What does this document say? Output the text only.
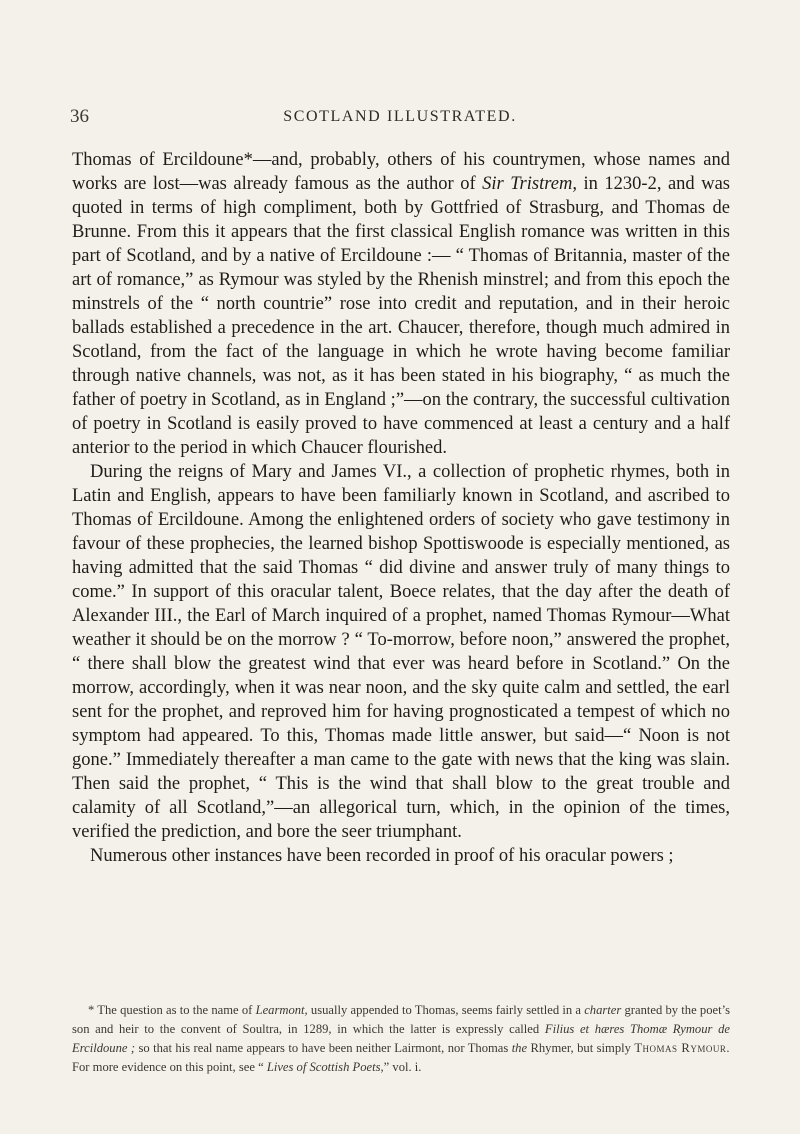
36	SCOTLAND ILLUSTRATED.

Thomas of Ercildoune*—and, probably, others of his countrymen, whose names and works are lost—was already famous as the author of Sir Tristrem, in 1230-2, and was quoted in terms of high compliment, both by Gottfried of Strasburg, and Thomas de Brunne. From this it appears that the first classical English romance was written in this part of Scotland, and by a native of Ercildoune :— “ Thomas of Britannia, master of the art of romance,” as Rymour was styled by the Rhenish minstrel; and from this epoch the minstrels of the “ north countrie” rose into credit and reputation, and in their heroic ballads established a precedence in the art. Chaucer, therefore, though much admired in Scotland, from the fact of the language in which he wrote having become familiar through native channels, was not, as it has been stated in his biography, “ as much the father of poetry in Scotland, as in England ;”—on the contrary, the successful cultivation of poetry in Scotland is easily proved to have commenced at least a century and a half anterior to the period in which Chaucer flourished.

During the reigns of Mary and James VI., a collection of prophetic rhymes, both in Latin and English, appears to have been familiarly known in Scotland, and ascribed to Thomas of Ercildoune. Among the enlightened orders of society who gave testimony in favour of these prophecies, the learned bishop Spottiswoode is especially mentioned, as having admitted that the said Thomas “ did divine and answer truly of many things to come.” In support of this oracular talent, Boece relates, that the day after the death of Alexander III., the Earl of March inquired of a prophet, named Thomas Rymour—What weather it should be on the morrow ? “ To-morrow, before noon,” answered the prophet, “ there shall blow the greatest wind that ever was heard before in Scotland.” On the morrow, accordingly, when it was near noon, and the sky quite calm and settled, the earl sent for the prophet, and reproved him for having prognosticated a tempest of which no symptom had appeared. To this, Thomas made little answer, but said—“ Noon is not gone.” Immediately thereafter a man came to the gate with news that the king was slain. Then said the prophet, “ This is the wind that shall blow to the great trouble and calamity of all Scotland,”—an allegorical turn, which, in the opinion of the times, verified the prediction, and bore the seer triumphant.

Numerous other instances have been recorded in proof of his oracular powers ;

* The question as to the name of Learmont, usually appended to Thomas, seems fairly settled in a charter granted by the poet’s son and heir to the convent of Soultra, in 1289, in which the latter is expressly called Filius et hæres Thomæ Rymour de Ercildoune ; so that his real name appears to have been neither Lairmont, nor Thomas the Rhymer, but simply Thomas Rymour. For more evidence on this point, see “ Lives of Scottish Poets,” vol. i.
